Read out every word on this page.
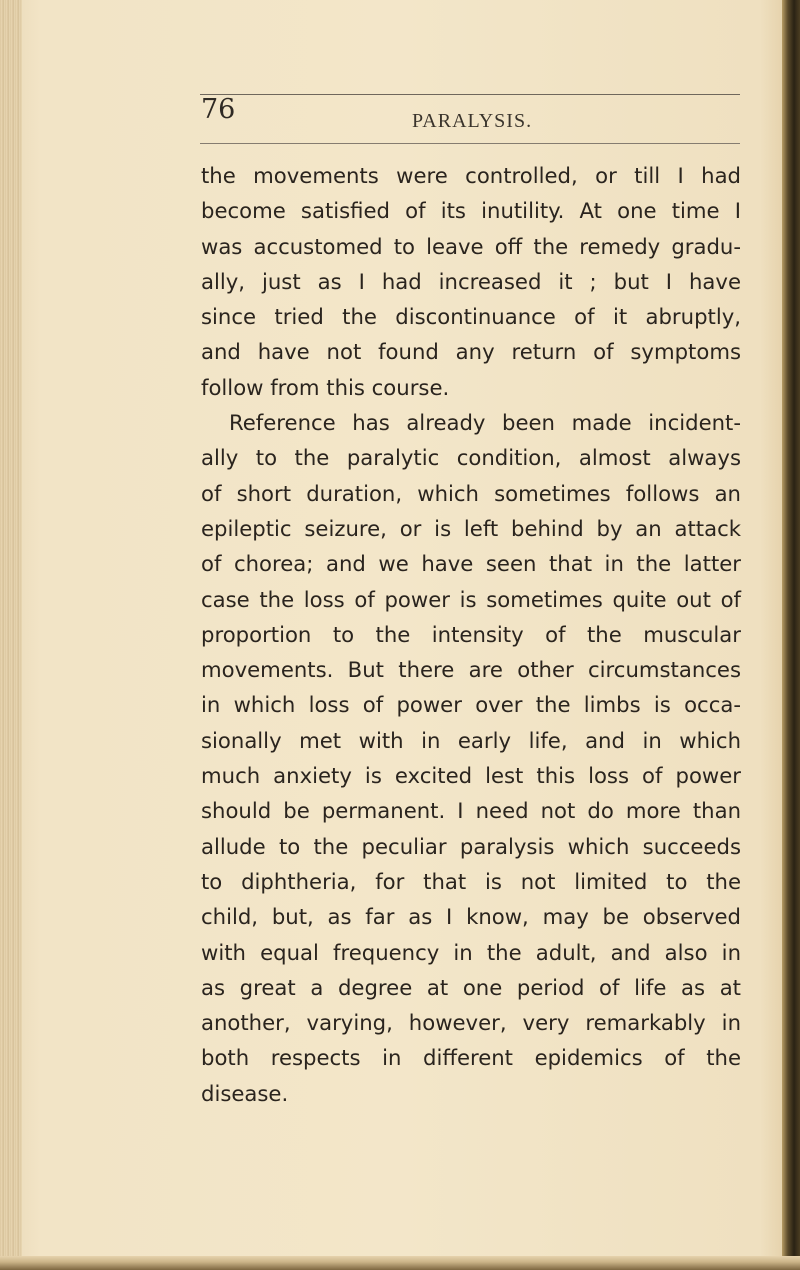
76	PARALYSIS.

the movements were controlled, or till I had
become satisfied of its inutility. At one time I
was accustomed to leave off the remedy gradu-
ally, just as I had increased it ; but I have
since tried the discontinuance of it abruptly,
and have not found any return of symptoms
follow from this course.
Reference has already been made incident-
ally to the paralytic condition, almost always
of short duration, which sometimes follows an
epileptic seizure, or is left behind by an attack
of chorea; and we have seen that in the latter
case the loss of power is sometimes quite out of
proportion to the intensity of the muscular
movements. But there are other circumstances
in which loss of power over the limbs is occa-
sionally met with in early life, and in which
much anxiety is excited lest this loss of power
should be permanent. I need not do more than
allude to the peculiar paralysis which succeeds
to diphtheria, for that is not limited to the
child, but, as far as I know, may be observed
with equal frequency in the adult, and also in
as great a degree at one period of life as at
another, varying, however, very remarkably in
both respects in different epidemics of the
disease.
